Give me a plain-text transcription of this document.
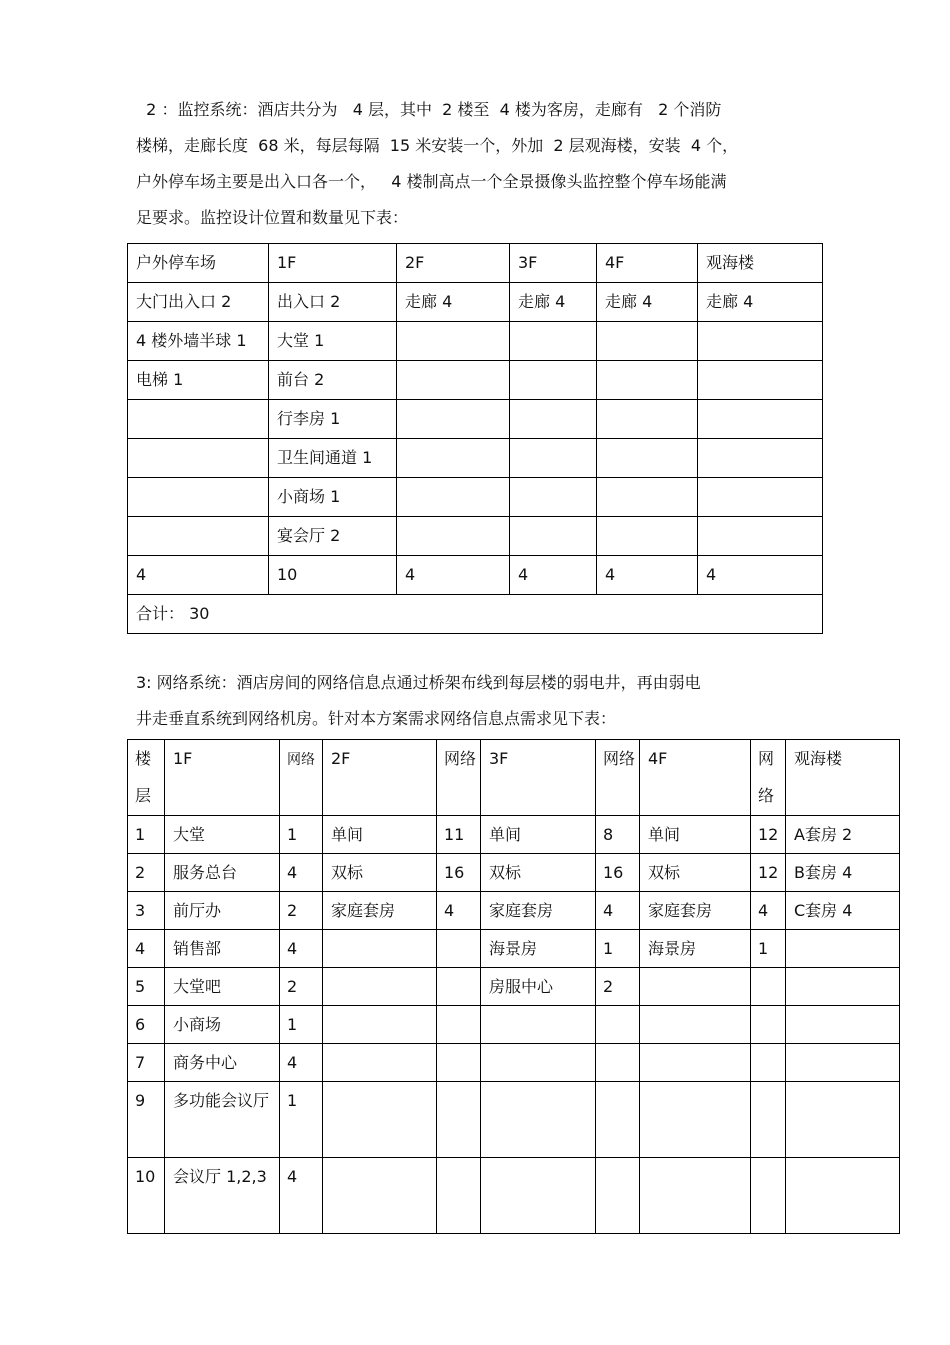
2 ：监控系统：酒店共分为   4 层，其中  2 楼至  4 楼为客房，走廊有   2 个消防
楼梯，走廊长度  68 米，每层每隔  15 米安装一个，外加  2 层观海楼，安装  4 个，
户外停车场主要是出入口各一个，   4 楼制高点一个全景摄像头监控整个停车场能满
足要求。监控设计位置和数量见下表：
户外停车场	1F	2F	3F	4F	观海楼
大门出入口 2	出入口 2	走廊 4	走廊 4	走廊 4	走廊 4
4 楼外墙半球 1	大堂 1				
电梯 1	前台 2				
	行李房 1				
	卫生间通道 1				
	小商场 1				
	宴会厅 2				
4	10	4	4	4	4
合计： 30					
3: 网络系统：酒店房间的网络信息点通过桥架布线到每层楼的弱电井，再由弱电
井走垂直系统到网络机房。针对本方案需求网络信息点需求见下表：
楼层	1F	网络	2F	网络	3F	网络	4F	网络	观海楼
1	大堂	1	单间	11	单间	8	单间	12	A套房 2
2	服务总台	4	双标	16	双标	16	双标	12	B套房 4
3	前厅办	2	家庭套房	4	家庭套房	4	家庭套房	4	C套房 4
4	销售部	4			海景房	1	海景房	1	
5	大堂吧	2			房服中心	2			
6	小商场	1							
7	商务中心	4							
9	多功能会议厅	1							
10	会议厅 1,2,3	4							
